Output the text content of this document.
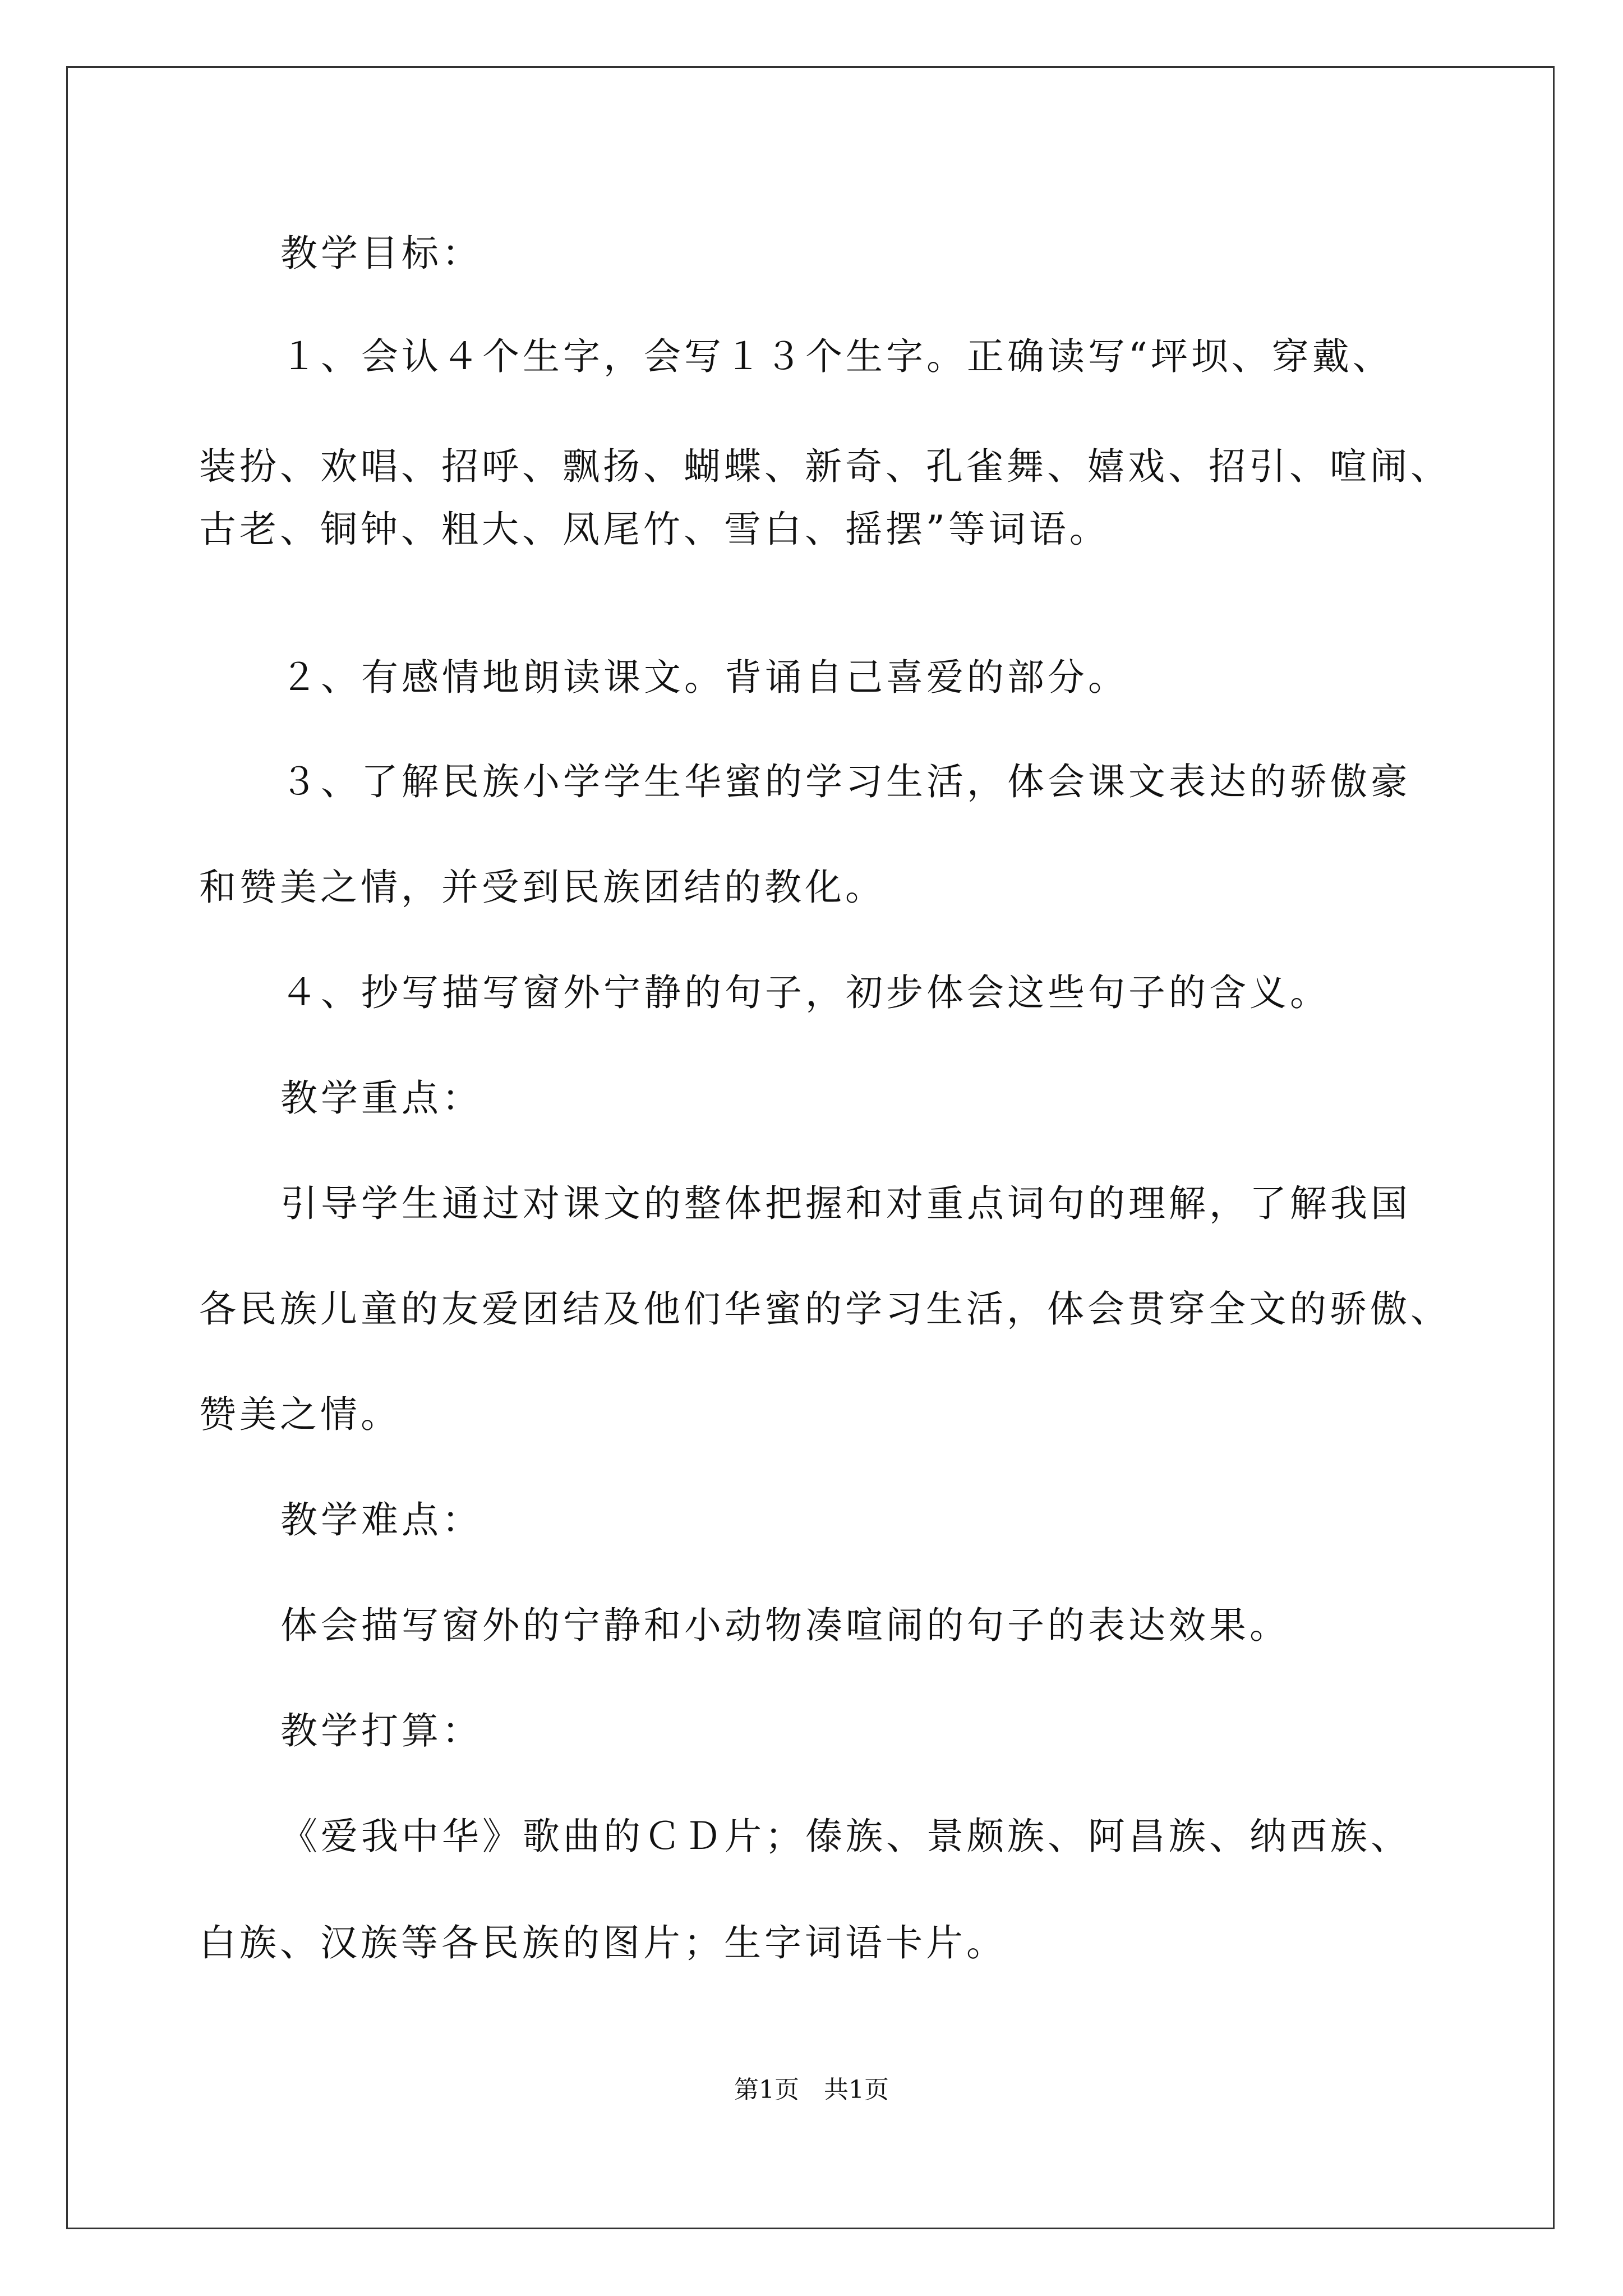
教学目标：
１、会认４个生字，会写１３个生字。正确读写“坪坝、穿戴、
装扮、欢唱、招呼、飘扬、蝴蝶、新奇、孔雀舞、嬉戏、招引、喧闹、
古老、铜钟、粗大、凤尾竹、雪白、摇摆”等词语。
２、有感情地朗读课文。背诵自己喜爱的部分。
３、了解民族小学学生华蜜的学习生活，体会课文表达的骄傲豪
和赞美之情，并受到民族团结的教化。
４、抄写描写窗外宁静的句子，初步体会这些句子的含义。
教学重点：
引导学生通过对课文的整体把握和对重点词句的理解，了解我国
各民族儿童的友爱团结及他们华蜜的学习生活，体会贯穿全文的骄傲、
赞美之情。
教学难点：
体会描写窗外的宁静和小动物凑喧闹的句子的表达效果。
教学打算：
《爱我中华》歌曲的ＣＤ片；傣族、景颇族、阿昌族、纳西族、
白族、汉族等各民族的图片；生字词语卡片。
第1页　共1页
